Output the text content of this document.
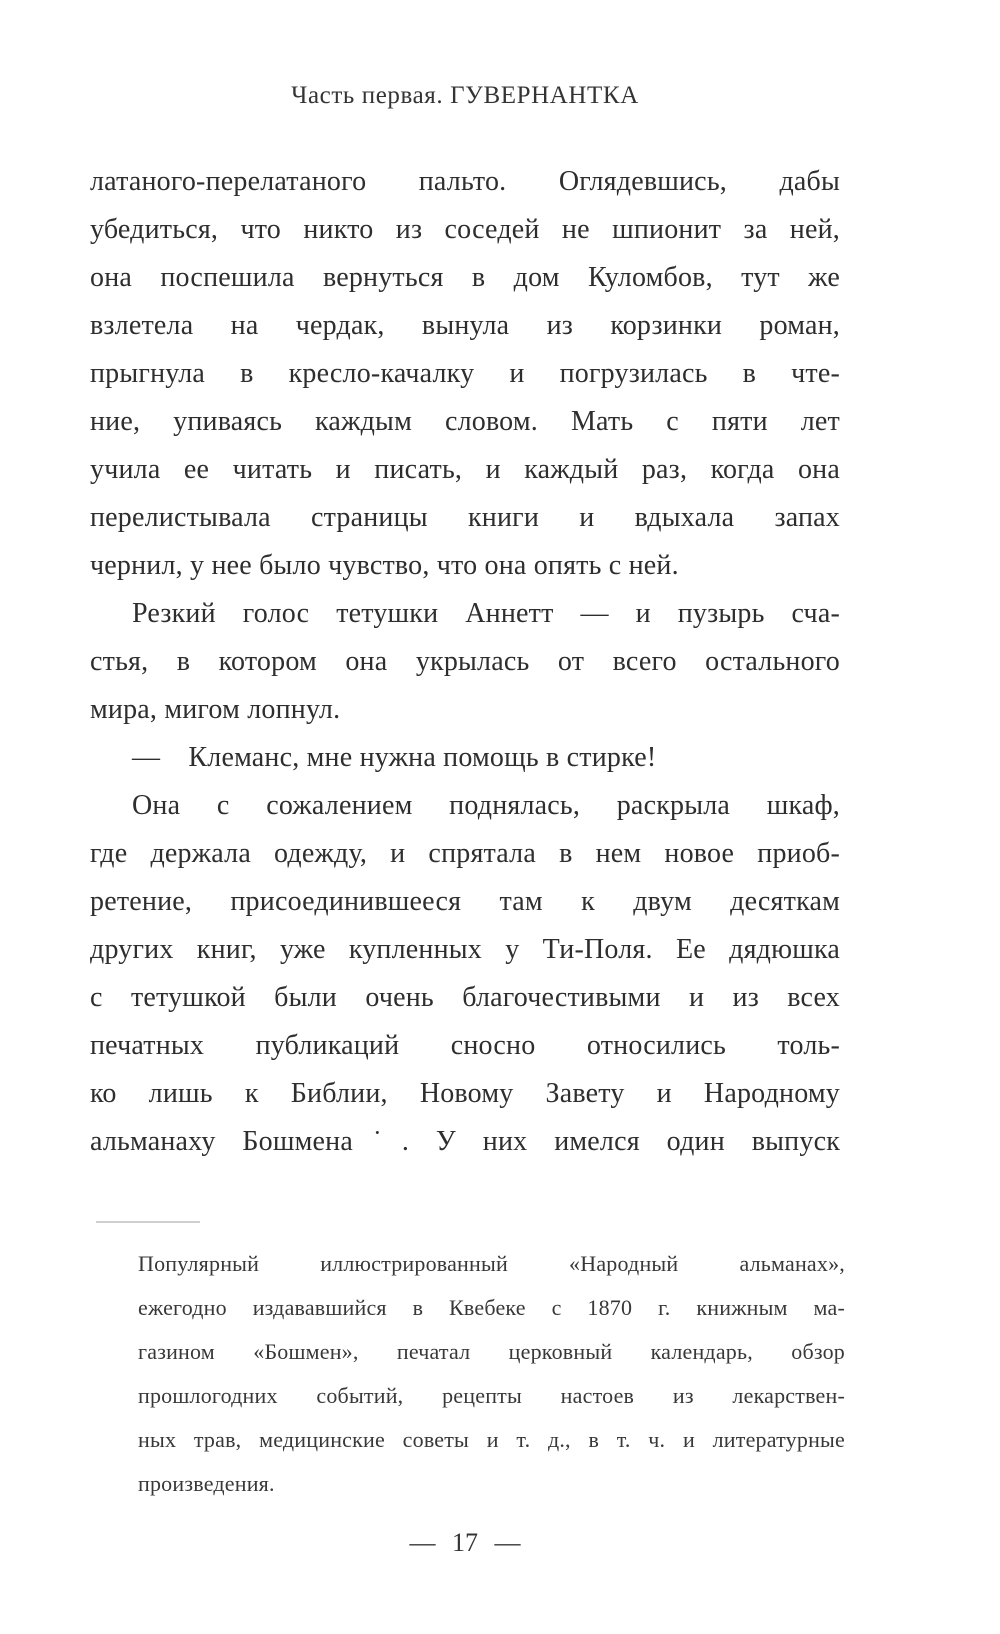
Часть первая. ГУВЕРНАНТКА
латаного-перелатаного пальто. Оглядевшись, дабы
убедиться, что никто из соседей не шпионит за ней,
она поспешила вернуться в дом Куломбов, тут же
взлетела на чердак, вынула из корзинки роман,
прыгнула в кресло-качалку и погрузилась в чте-
ние, упиваясь каждым словом. Мать с пяти лет
учила ее читать и писать, и каждый раз, когда она
перелистывала страницы книги и вдыхала запах
чернил, у нее было чувство, что она опять с ней.
Резкий голос тетушки Аннетт — и пузырь сча-
стья, в котором она укрылась от всего остального
мира, мигом лопнул.
— Клеманс, мне нужна помощь в стирке!
Она с сожалением поднялась, раскрыла шкаф,
где держала одежду, и спрятала в нем новое приоб-
ретение, присоединившееся там к двум десяткам
других книг, уже купленных у Ти-Поля. Ее дядюшка
с тетушкой были очень благочестивыми и из всех
печатных публикаций сносно относились толь-
ко лишь к Библии, Новому Завету и Народному
альманаху Бошмена˙. У них имелся один выпуск
Популярный иллюстрированный «Народный альманах»,
ежегодно издававшийся в Квебеке с 1870 г. книжным ма-
газином «Бошмен», печатал церковный календарь, обзор
прошлогодних событий, рецепты настоев из лекарствен-
ных трав, медицинские советы и т. д., в т. ч. и литературные
произведения.
— 17 —
